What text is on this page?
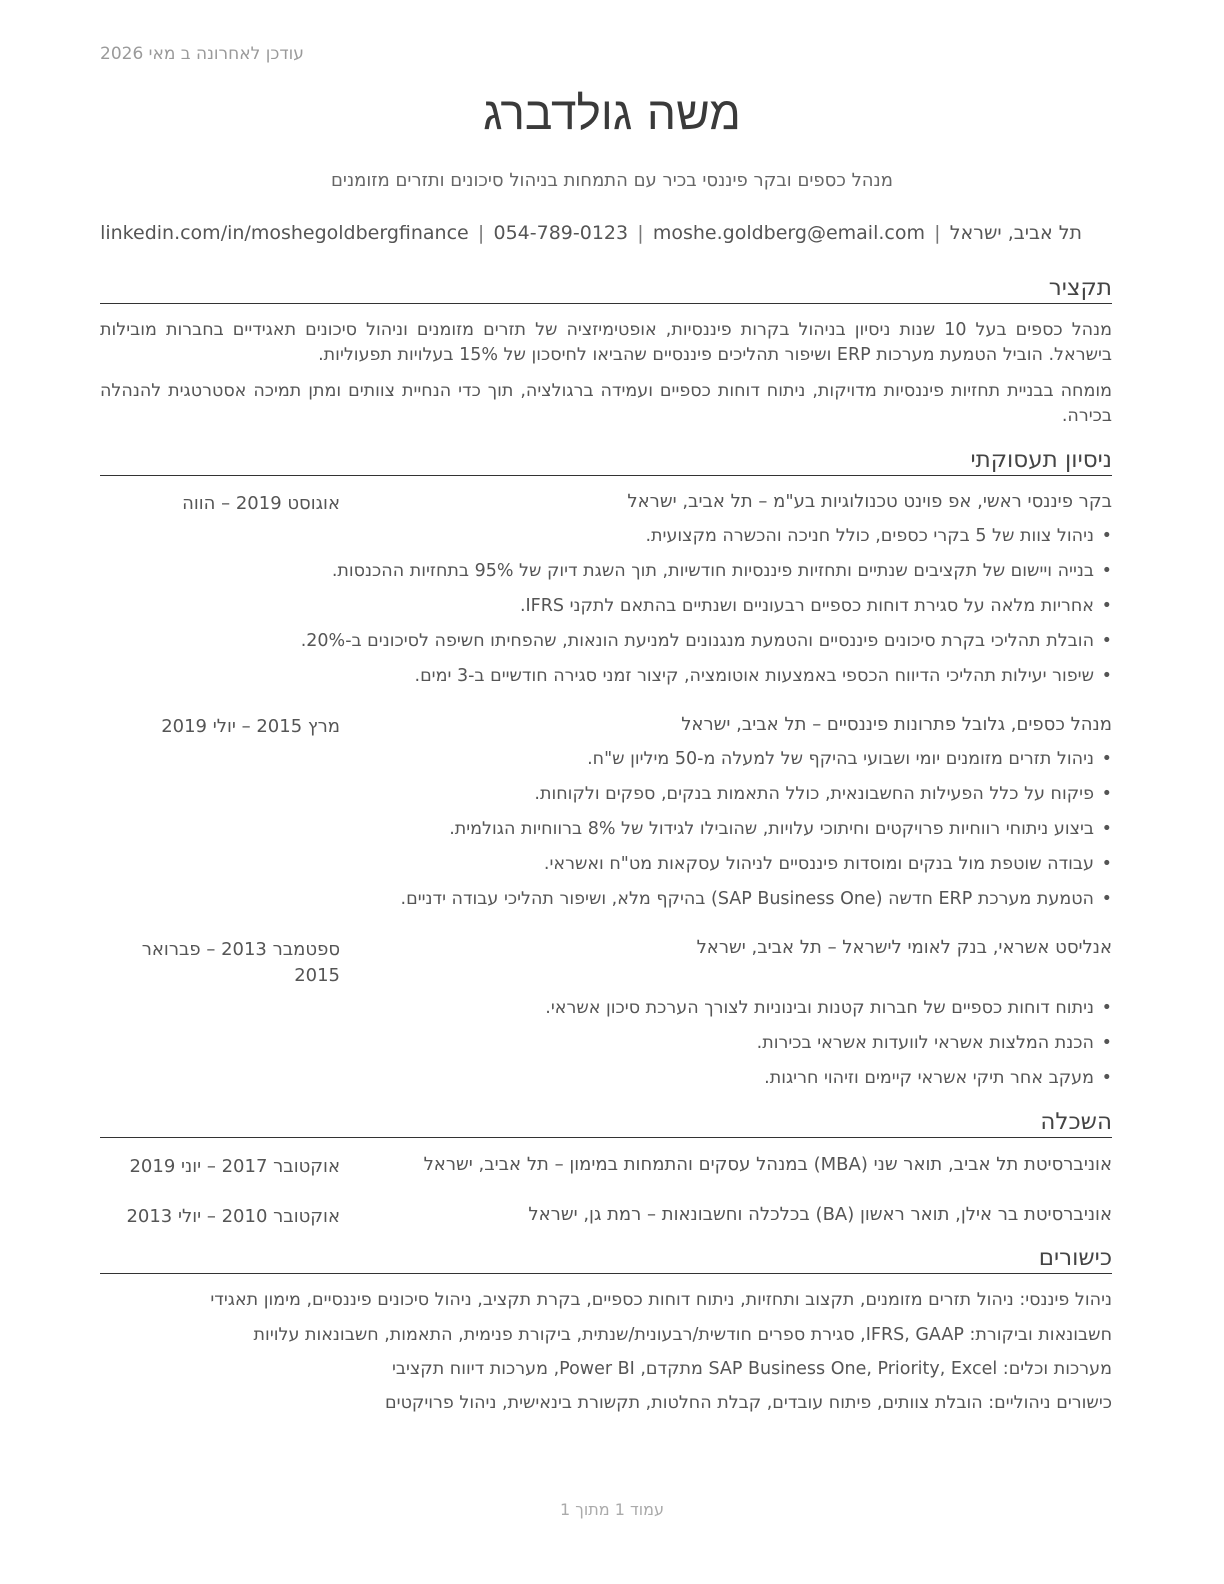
עודכן לאחרונה ב מאי 2026
משה גולדברג
מנהל כספים ובקר פיננסי בכיר עם התמחות בניהול סיכונים ותזרים מזומנים
תל אביב, ישראל
|
moshe.goldberg@email.com
|
054-789-0123
|
linkedin.com/in/moshegoldbergfinance
תקציר
מנהל כספים בעל 10 שנות ניסיון בניהול בקרות פיננסיות, אופטימיזציה של תזרים מזומנים וניהול סיכונים תאגידיים בחברות מובילות בישראל. הוביל הטמעת מערכות ERP ושיפור תהליכים פיננסיים שהביאו לחיסכון של 15% בעלויות תפעוליות.
מומחה בבניית תחזיות פיננסיות מדויקות, ניתוח דוחות כספיים ועמידה ברגולציה, תוך כדי הנחיית צוותים ומתן תמיכה אסטרטגית להנהלה בכירה.
ניסיון תעסוקתי
בקר פיננסי ראשי, אפ פוינט טכנולוגיות בע"מ – תל אביב, ישראל
אוגוסט 2019 – הווה
• ניהול צוות של 5 בקרי כספים, כולל חניכה והכשרה מקצועית.
• בנייה ויישום של תקציבים שנתיים ותחזיות פיננסיות חודשיות, תוך השגת דיוק של 95% בתחזיות ההכנסות.
• אחריות מלאה על סגירת דוחות כספיים רבעוניים ושנתיים בהתאם לתקני IFRS.
• הובלת תהליכי בקרת סיכונים פיננסיים והטמעת מנגנונים למניעת הונאות, שהפחיתו חשיפה לסיכונים ב-20%.
• שיפור יעילות תהליכי הדיווח הכספי באמצעות אוטומציה, קיצור זמני סגירה חודשיים ב-3 ימים.
מנהל כספים, גלובל פתרונות פיננסיים – תל אביב, ישראל
מרץ 2015 – יולי 2019
• ניהול תזרים מזומנים יומי ושבועי בהיקף של למעלה מ-50 מיליון ש"ח.
• פיקוח על כלל הפעילות החשבונאית, כולל התאמות בנקים, ספקים ולקוחות.
• ביצוע ניתוחי רווחיות פרויקטים וחיתוכי עלויות, שהובילו לגידול של 8% ברווחיות הגולמית.
• עבודה שוטפת מול בנקים ומוסדות פיננסיים לניהול עסקאות מט"ח ואשראי.
• הטמעת מערכת ERP חדשה (SAP Business One) בהיקף מלא, ושיפור תהליכי עבודה ידניים.
אנליסט אשראי, בנק לאומי לישראל – תל אביב, ישראל
ספטמבר 2013 – פברואר 2015
• ניתוח דוחות כספיים של חברות קטנות ובינוניות לצורך הערכת סיכון אשראי.
• הכנת המלצות אשראי לוועדות אשראי בכירות.
• מעקב אחר תיקי אשראי קיימים וזיהוי חריגות.
השכלה
אוניברסיטת תל אביב, תואר שני (MBA) במנהל עסקים והתמחות במימון – תל אביב, ישראל
אוקטובר 2017 – יוני 2019
אוניברסיטת בר אילן, תואר ראשון (BA) בכלכלה וחשבונאות – רמת גן, ישראל
אוקטובר 2010 – יולי 2013
כישורים
ניהול פיננסי: ניהול תזרים מזומנים, תקצוב ותחזיות, ניתוח דוחות כספיים, בקרת תקציב, ניהול סיכונים פיננסיים, מימון תאגידי
חשבונאות וביקורת: IFRS, GAAP, סגירת ספרים חודשית/רבעונית/שנתית, ביקורת פנימית, התאמות, חשבונאות עלויות
מערכות וכלים: SAP Business One, Priority, Excel מתקדם, Power BI, מערכות דיווח תקציבי
כישורים ניהוליים: הובלת צוותים, פיתוח עובדים, קבלת החלטות, תקשורת בינאישית, ניהול פרויקטים
עמוד 1 מתוך 1
